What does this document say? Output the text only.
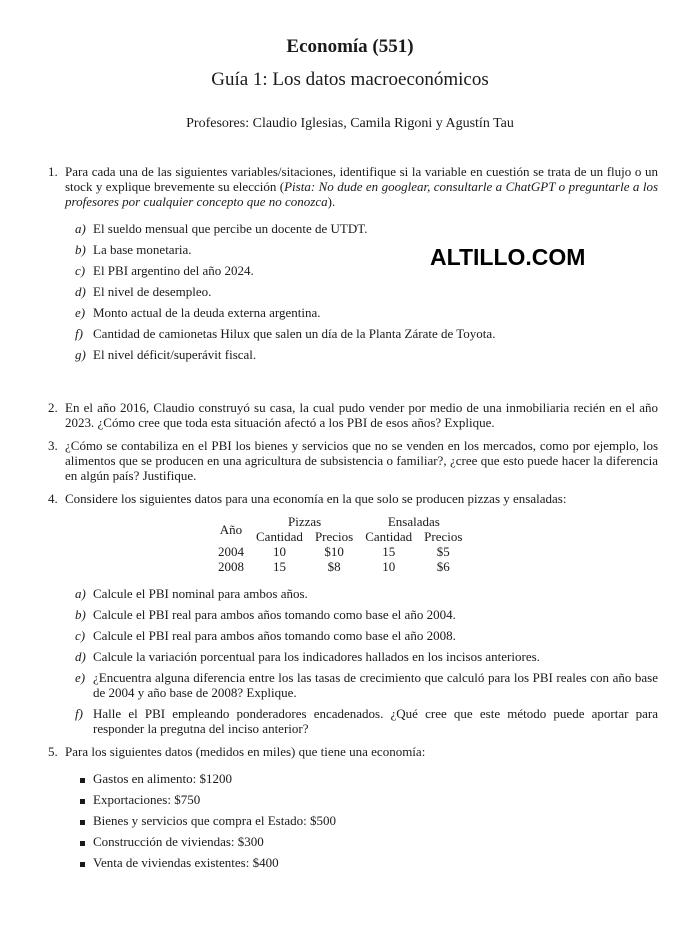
Economía (551)
Guía 1: Los datos macroeconómicos
Profesores: Claudio Iglesias, Camila Rigoni y Agustín Tau
ALTILLO.COM
1. Para cada una de las siguientes variables/sitaciones, identifique si la variable en cuestión se trata de un flujo o un stock y explique brevemente su elección (Pista: No dude en googlear, consultarle a ChatGPT o preguntarle a los profesores por cualquier concepto que no conozca).
a) El sueldo mensual que percibe un docente de UTDT.
b) La base monetaria.
c) El PBI argentino del año 2024.
d) El nivel de desempleo.
e) Monto actual de la deuda externa argentina.
f) Cantidad de camionetas Hilux que salen un día de la Planta Zárate de Toyota.
g) El nivel déficit/superávit fiscal.
2. En el año 2016, Claudio construyó su casa, la cual pudo vender por medio de una inmobiliaria recién en el año 2023. ¿Cómo cree que toda esta situación afectó a los PBI de esos años? Explique.
3. ¿Cómo se contabiliza en el PBI los bienes y servicios que no se venden en los mercados, como por ejemplo, los alimentos que se producen en una agricultura de subsistencia o familiar?, ¿cree que esto puede hacer la diferencia en algún país? Justifique.
4. Considere los siguientes datos para una economía en la que solo se producen pizzas y ensaladas:
Año	Pizzas		Ensaladas	
	Cantidad	Precios	Cantidad	Precios
2004	10	$10	15	$5
2008	15	$8	10	$6
a) Calcule el PBI nominal para ambos años.
b) Calcule el PBI real para ambos años tomando como base el año 2004.
c) Calcule el PBI real para ambos años tomando como base el año 2008.
d) Calcule la variación porcentual para los indicadores hallados en los incisos anteriores.
e) ¿Encuentra alguna diferencia entre los las tasas de crecimiento que calculó para los PBI reales con año base de 2004 y año base de 2008? Explique.
f) Halle el PBI empleando ponderadores encadenados. ¿Qué cree que este método puede aportar para responder la pregutna del inciso anterior?
5. Para los siguientes datos (medidos en miles) que tiene una economía:
Gastos en alimento: $1200
Exportaciones: $750
Bienes y servicios que compra el Estado: $500
Construcción de viviendas: $300
Venta de viviendas existentes: $400
